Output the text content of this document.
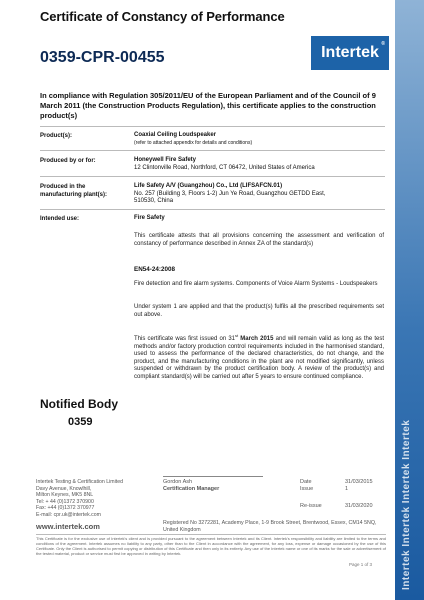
Certificate of Constancy of Performance
0359-CPR-00455	Intertek ®
Intertek Intertek Intertek Intertek
In compliance with Regulation 305/2011/EU of the European Parliament and of the Council of 9 March 2011 (the Construction Products Regulation), this certificate applies to the construction product(s)
Product(s):	Coaxial Ceiling Loudspeaker
(refer to attached appendix for details and conditions)
Produced by or for:	Honeywell Fire Safety
12 Clintonville Road, Northford, CT 06472, United States of America
Produced in the
manufacturing plant(s):
Life Safety A/V (Guangzhou) Co., Ltd (LIFSAFCN.01)
No. 257 (Building 3, Floors 1-2) Jun Ye Road, Guangzhou GETDD East,
510530, China
Intended use:	Fire Safety
This certificate attests that all provisions concerning the assessment and verification of constancy of performance described in Annex ZA of the standard(s)
EN54-24:2008
Fire detection and fire alarm systems. Components of Voice Alarm Systems - Loudspeakers
Under system 1 are applied and that the product(s) fulfils all the prescribed requirements set out above.
This certificate was first issued on 31st March 2015 and will remain valid as long as the test methods and/or factory production control requirements included in the harmonised standard, used to assess the performance of the declared characteristics, do not change, and the product, and the manufacturing conditions in the plant are not modified significantly, unless suspended or withdrawn by the product certification body. A review of the product(s) and compliant standard(s) will be carried out after 5 years to ensure continued compliance.
Notified Body
0359
Intertek Testing & Certification Limited
Davy Avenue, Knowlhill,
Milton Keynes, MK5 8NL
Tel: + 44 (0)1372 370900
Fax: +44 (0)1372 370977
E-mail: cpr.uk@intertek.com
www.intertek.com
Gordon Ash
Certification Manager
Date	31/03/2015
Issue	1
Re-issue	31/03/2020
Registered No 3272281, Academy Place, 1-9 Brook Street, Brentwood, Essex, CM14 5NQ, United Kingdom
This Certificate is for the exclusive use of Intertek's client and is provided pursuant to the agreement between Intertek and its Client. Intertek's responsibility and liability are limited to the terms and conditions of the agreement. Intertek assumes no liability to any party, other than to the Client in accordance with the agreement, for any loss, expense or damage occasioned by the use of this Certificate. Only the Client is authorised to permit copying or distribution of this Certificate and then only in its entirety. Any use of the Intertek name or one of its marks for the sale or advertisement of the tested material, product or service must first be approved in writing by Intertek.
Page 1 of 3
